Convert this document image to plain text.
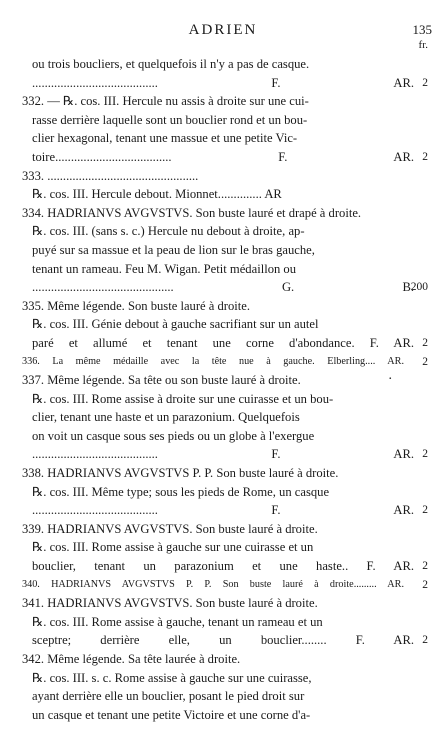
ADRIEN	135
fr.
.
ou trois boucliers, et quelquefois il n'y a pas de casque.
........................................ F. AR. 2
332. — ℞. cos. III. Hercule nu assis à droite sur une cui-
rasse derrière laquelle sont un bouclier rond et un bou-
clier hexagonal, tenant une massue et une petite Vic-
toire..................................... F. AR. 2
333. ................................................
℞. cos. III. Hercule debout. Mionnet.............. AR
334. HADRIANVS AVGVSTVS. Son buste lauré et drapé à droite.
℞. cos. III. (sans s. c.) Hercule nu debout à droite, ap-
puyé sur sa massue et la peau de lion sur le bras gauche,
tenant un rameau. Feu M. Wigan. Petit médaillon ou
............................................. G. B.
200
335. Même légende. Son buste lauré à droite.
℞. cos. III. Génie debout à gauche sacrifiant sur un autel
paré et allumé et tenant une corne d'abondance. F. AR. 2
336. La même médaille avec la tête nue à gauche. Elberling.... AR. 2
337. Même légende. Sa tête ou son buste lauré à droite.
℞. cos. III. Rome assise à droite sur une cuirasse et un bou-
clier, tenant une haste et un parazonium. Quelquefois
on voit un casque sous ses pieds ou un globe à l'exergue
........................................ F. AR. 2
338. HADRIANVS AVGVSTVS P. P. Son buste lauré à droite.
℞. cos. III. Même type; sous les pieds de Rome, un casque
........................................ F. AR. 2
339. HADRIANVS AVGVSTVS. Son buste lauré à droite.
℞. cos. III. Rome assise à gauche sur une cuirasse et un
bouclier, tenant un parazonium et une haste.. F. AR. 2
340. HADRIANVS AVGVSTVS P. P. Son buste lauré à droite......... AR. 2
341. HADRIANVS AVGVSTVS. Son buste lauré à droite.
℞. cos. III. Rome assise à gauche, tenant un rameau et un
sceptre; derrière elle, un bouclier........ F. AR. 2
342. Même légende. Sa tête laurée à droite.
℞. cos. III. s. c. Rome assise à gauche sur une cuirasse,
ayant derrière elle un bouclier, posant le pied droit sur
un casque et tenant une petite Victoire et une corne d'a-
